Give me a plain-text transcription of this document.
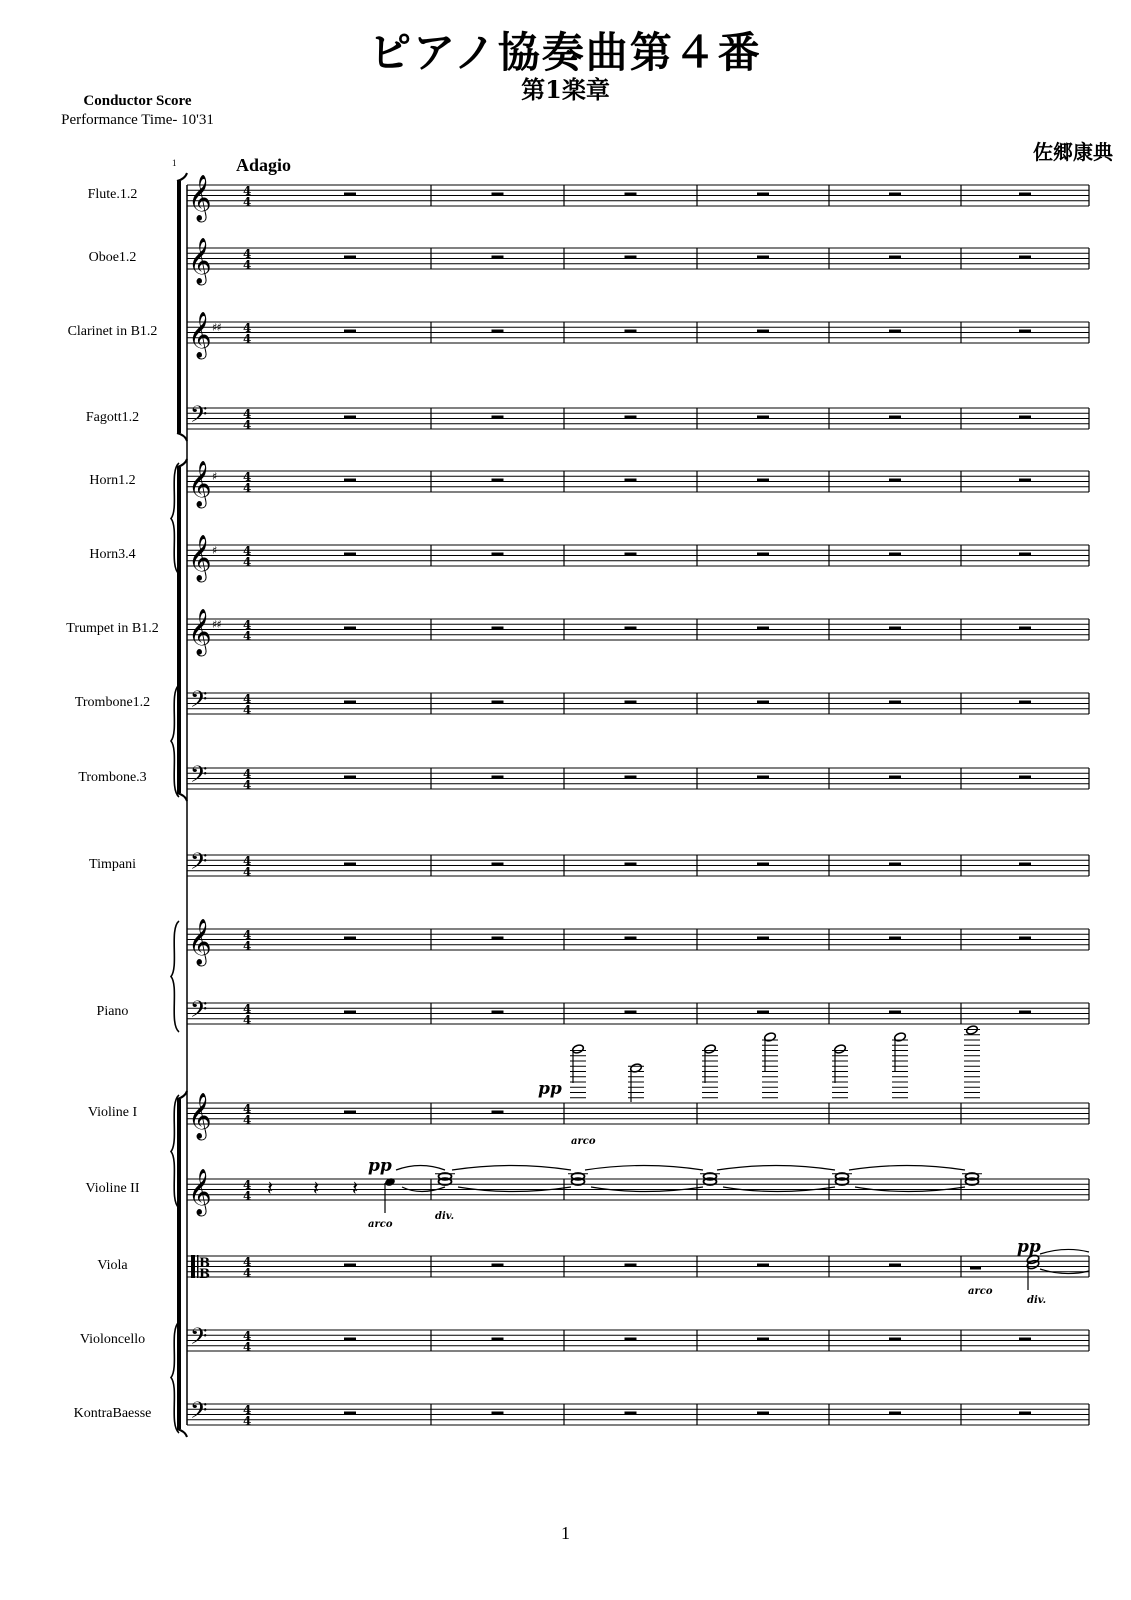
ピアノ協奏曲第４番
第1楽章
Conductor Score
Performance Time- 10'31
佐郷康典
1	Adagio
Flute.1.2
Oboe1.2
Clarinet in B1.2
Fagott1.2
Horn1.2
Horn3.4
Trumpet in B1.2
Trombone1.2
Trombone.3
Timpani
Piano
Violine I
Violine II
Viola
Violoncello
KontraBaesse
𝄞	4
4
𝄞	4
4
𝄞 ♯♯ 4
4
𝄢	4
4
𝄞 ♯ 4
4
𝄞 ♯ 4
4
𝄞 ♯♯ 4
4
𝄢	4
4
𝄢	4
4
𝄢	4
4
𝄞	4
4
𝄢	4
4
𝄞	4
4
𝄞	4
4
B
B
4
4
𝄢	4
4
𝄢	4
4
pp
arco
𝄽 𝄽 𝄽
pp
arco
div.
arco
pp
div.
1
